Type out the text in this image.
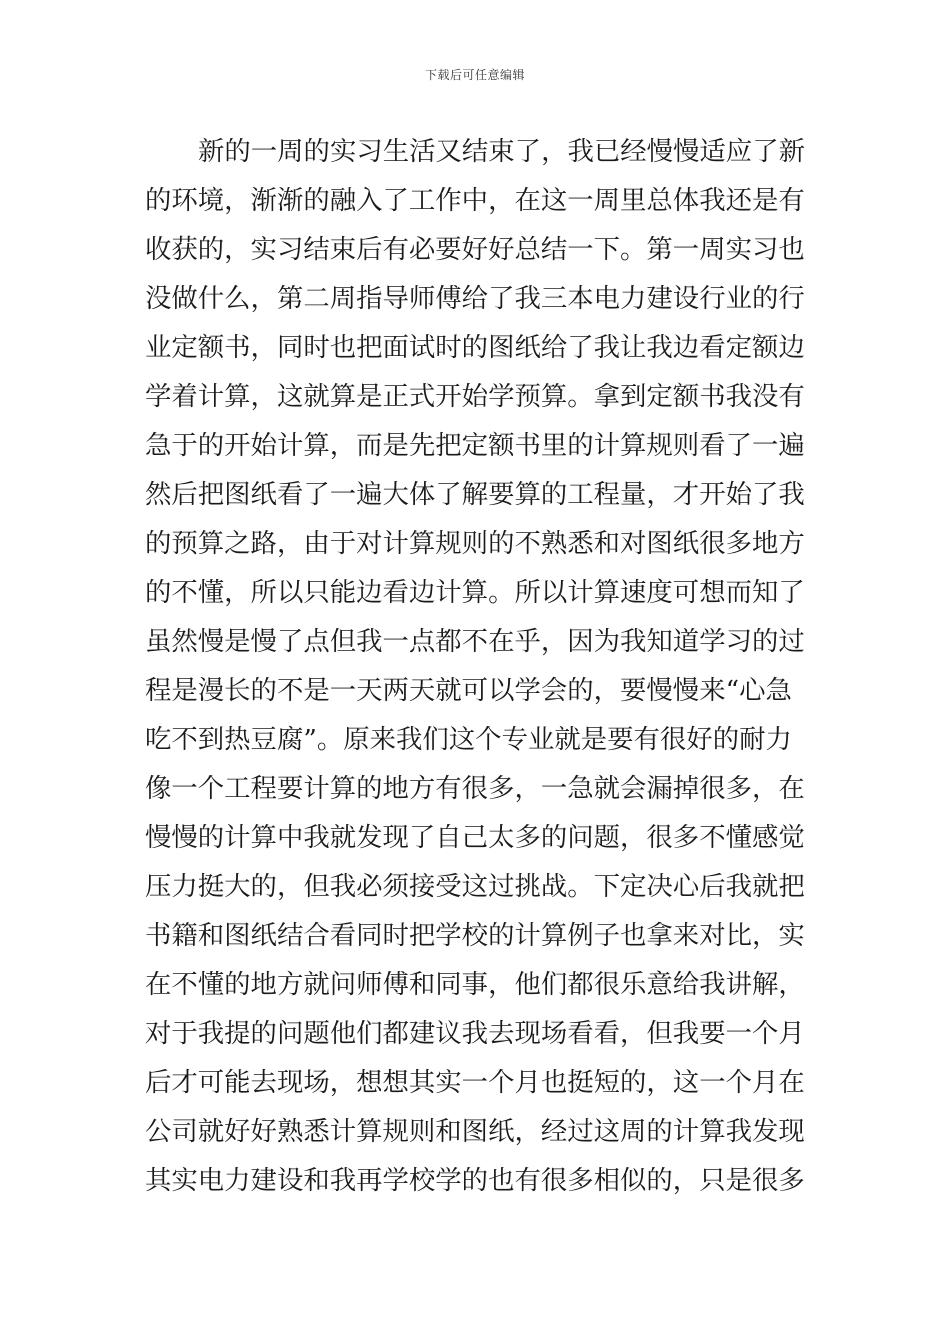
下载后可任意编辑
新的一周的实习生活又结束了，我已经慢慢适应了新
的环境，渐渐的融入了工作中，在这一周里总体我还是有
收获的，实习结束后有必要好好总结一下。第一周实习也
没做什么，第二周指导师傅给了我三本电力建设行业的行
业定额书，同时也把面试时的图纸给了我让我边看定额边
学着计算，这就算是正式开始学预算。拿到定额书我没有
急于的开始计算，而是先把定额书里的计算规则看了一遍
然后把图纸看了一遍大体了解要算的工程量，才开始了我
的预算之路，由于对计算规则的不熟悉和对图纸很多地方
的不懂，所以只能边看边计算。所以计算速度可想而知了
虽然慢是慢了点但我一点都不在乎，因为我知道学习的过
程是漫长的不是一天两天就可以学会的，要慢慢来“心急
吃不到热豆腐”。原来我们这个专业就是要有很好的耐力
像一个工程要计算的地方有很多，一急就会漏掉很多，在
慢慢的计算中我就发现了自己太多的问题，很多不懂感觉
压力挺大的，但我必须接受这过挑战。下定决心后我就把
书籍和图纸结合看同时把学校的计算例子也拿来对比，实
在不懂的地方就问师傅和同事，他们都很乐意给我讲解，
对于我提的问题他们都建议我去现场看看，但我要一个月
后才可能去现场，想想其实一个月也挺短的，这一个月在
公司就好好熟悉计算规则和图纸，经过这周的计算我发现
其实电力建设和我再学校学的也有很多相似的，只是很多
